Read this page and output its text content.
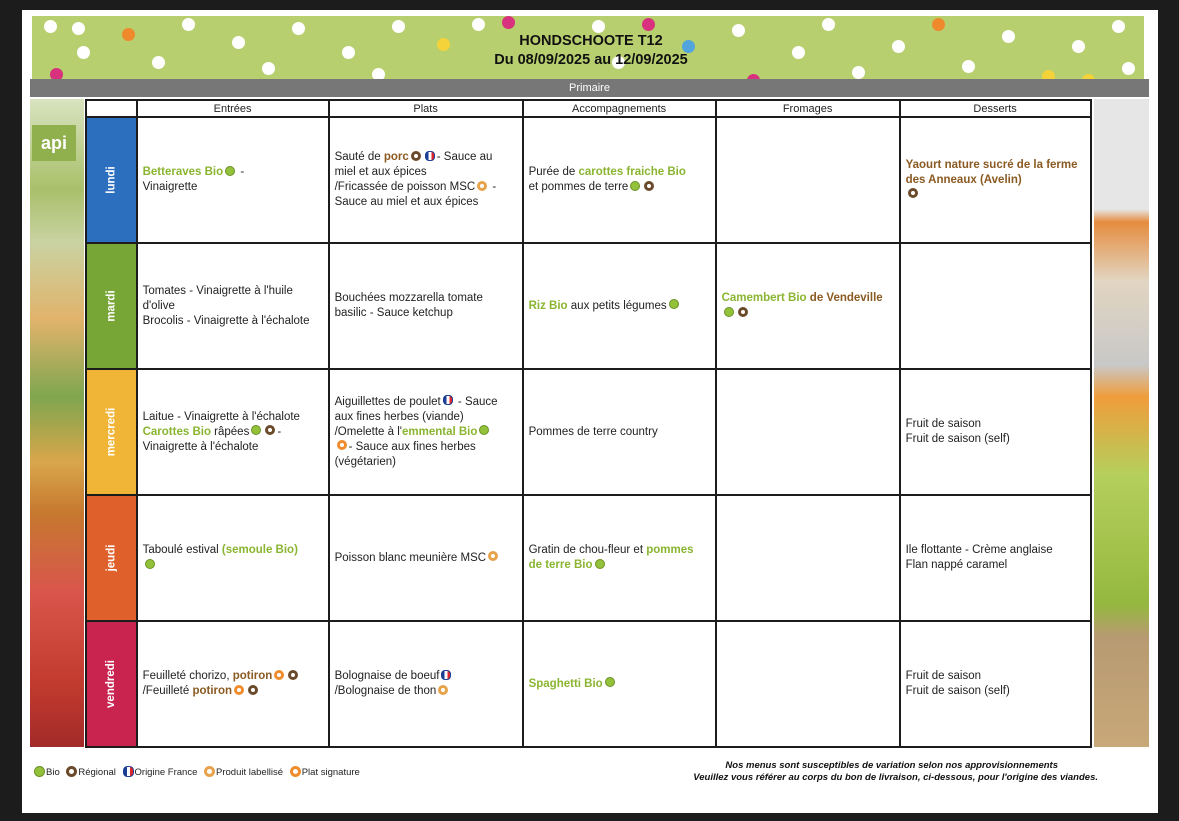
HONDSCHOOTE T12
Du 08/09/2025 au 12/09/2025
Primaire
api
	Entrées	Plats	Accompagnements	Fromages	Desserts
lundi	Betteraves Bio -
Vinaigrette	Sauté de porc - Sauce au miel et aux épices
/Fricassée de poisson MSC - Sauce au miel et aux épices	Purée de carottes fraiche Bio
et pommes de terre		Yaourt nature sucré de la ferme des Anneaux (Avelin)

mardi	Tomates - Vinaigrette à l'huile d'olive
Brocolis - Vinaigrette à l'échalote	Bouchées mozzarella tomate basilic - Sauce ketchup	Riz Bio aux petits légumes	Camembert Bio de Vendeville	
mercredi	Laitue - Vinaigrette à l'échalote
Carottes Bio râpées - Vinaigrette à l'échalote	Aiguillettes de poulet - Sauce aux fines herbes (viande)
/Omelette à l'emmental Bio
- Sauce aux fines herbes (végétarien)	Pommes de terre country		Fruit de saison
Fruit de saison (self)
jeudi	Taboulé estival (semoule Bio)	Poisson blanc meunière MSC	Gratin de chou-fleur et pommes de terre Bio		Ile flottante - Crème anglaise
Flan nappé caramel
vendredi	Feuilleté chorizo, potiron
/Feuilleté potiron	Bolognaise de boeuf
/Bolognaise de thon	Spaghetti Bio		Fruit de saison
Fruit de saison (self)
Bio Régional Origine France Produit labellisé Plat signature
Nos menus sont susceptibles de variation selon nos approvisionnements
Veuillez vous référer au corps du bon de livraison, ci-dessous, pour l'origine des viandes.
